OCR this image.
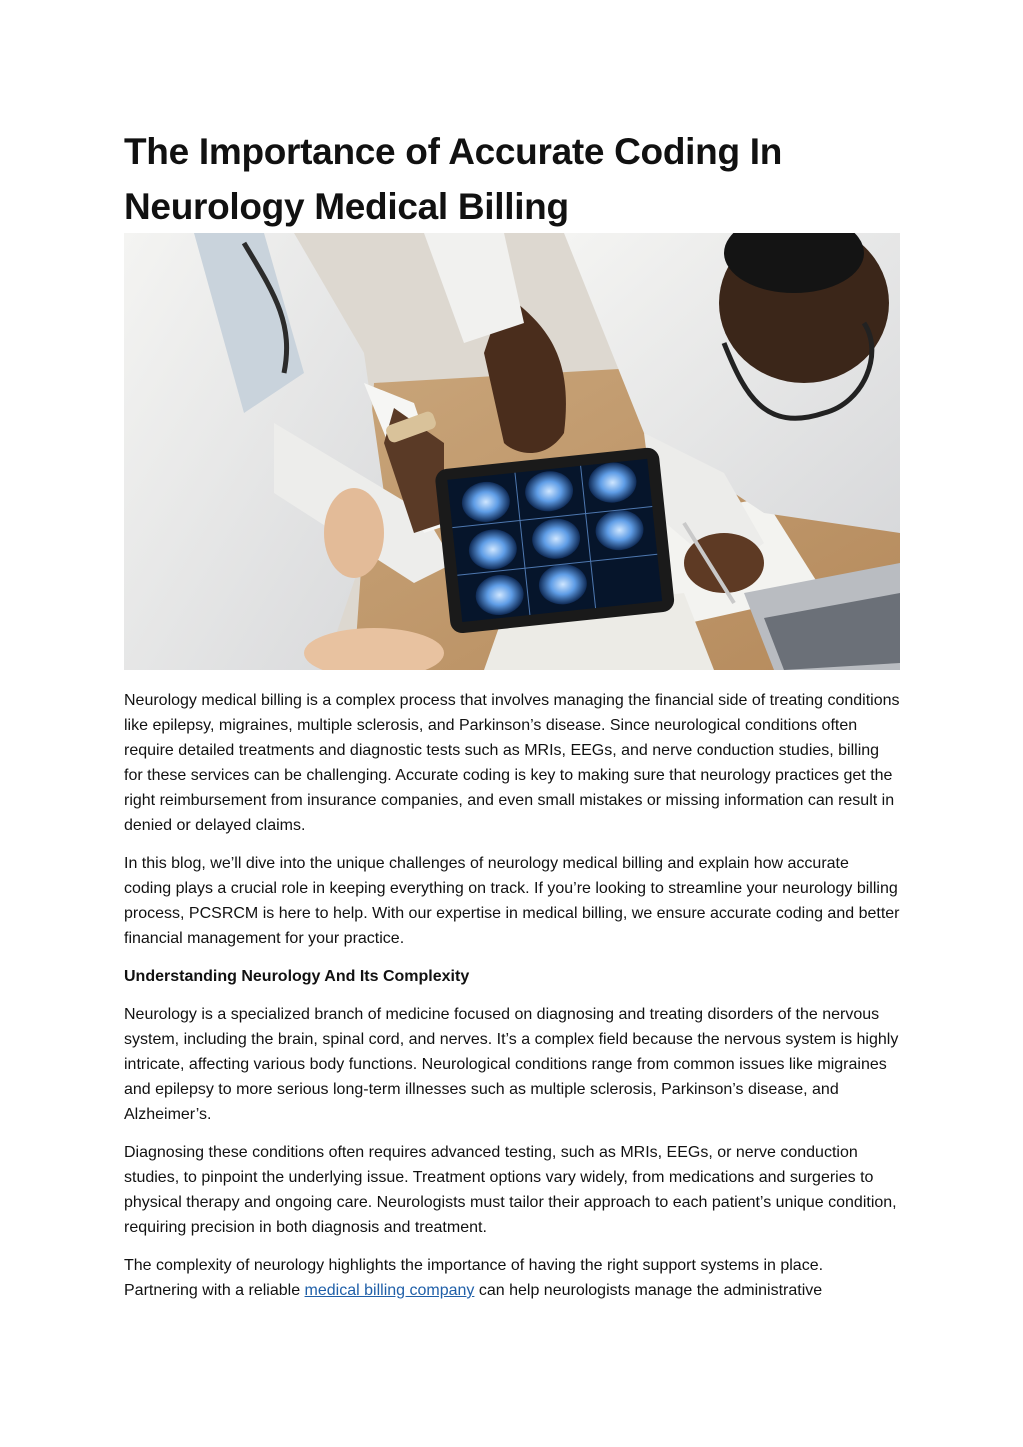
The Importance of Accurate Coding In Neurology Medical Billing

Neurology medical billing is a complex process that involves managing the financial side of treating conditions like epilepsy, migraines, multiple sclerosis, and Parkinson’s disease. Since neurological conditions often require detailed treatments and diagnostic tests such as MRIs, EEGs, and nerve conduction studies, billing for these services can be challenging. Accurate coding is key to making sure that neurology practices get the right reimbursement from insurance companies, and even small mistakes or missing information can result in denied or delayed claims.

In this blog, we’ll dive into the unique challenges of neurology medical billing and explain how accurate coding plays a crucial role in keeping everything on track. If you’re looking to streamline your neurology billing process, PCSRCM is here to help. With our expertise in medical billing, we ensure accurate coding and better financial management for your practice.

Understanding Neurology And Its Complexity

Neurology is a specialized branch of medicine focused on diagnosing and treating disorders of the nervous system, including the brain, spinal cord, and nerves. It’s a complex field because the nervous system is highly intricate, affecting various body functions. Neurological conditions range from common issues like migraines and epilepsy to more serious long-term illnesses such as multiple sclerosis, Parkinson’s disease, and Alzheimer’s.

Diagnosing these conditions often requires advanced testing, such as MRIs, EEGs, or nerve conduction studies, to pinpoint the underlying issue. Treatment options vary widely, from medications and surgeries to physical therapy and ongoing care. Neurologists must tailor their approach to each patient’s unique condition, requiring precision in both diagnosis and treatment.

The complexity of neurology highlights the importance of having the right support systems in place. Partnering with a reliable medical billing company can help neurologists manage the administrative
